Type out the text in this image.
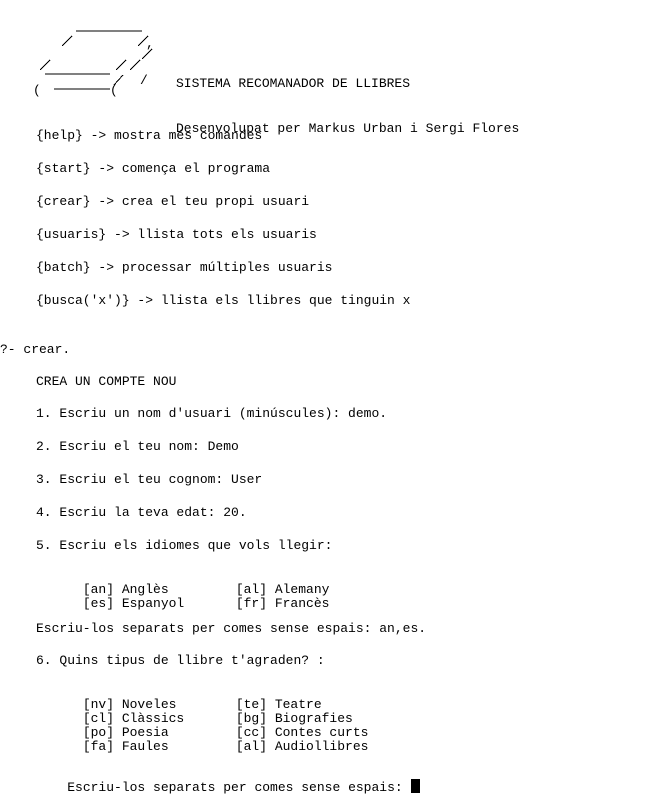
(	(
/
,

SISTEMA RECOMANADOR DE LLIBRES

Desenvolupat per Markus Urban i Sergi Flores

{help} -> mostra més comandes
{start} -> comença el programa
{crear} -> crea el teu propi usuari
{usuaris} -> llista tots els usuaris
{batch} -> processar múltiples usuaris
{busca('x')} -> llista els llibres que tinguin x
?- crear.
CREA UN COMPTE NOU
1. Escriu un nom d'usuari (minúscules): demo.
2. Escriu el teu nom: Demo
3. Escriu el teu cognom: User
4. Escriu la teva edat: 20.
5. Escriu els idiomes que vols llegir:

[an] Anglès	[al] Alemany

[es] Espanyol	[fr] Francès

Escriu-los separats per comes sense espais: an,es.
6. Quins tipus de llibre t'agraden? :

[nv] Noveles	[te] Teatre

[cl] Clàssics	[bg] Biografies

[po] Poesia	[cc] Contes curts

[fa] Faules	[al] Audiollibres

Escriu-los separats per comes sense espais:
